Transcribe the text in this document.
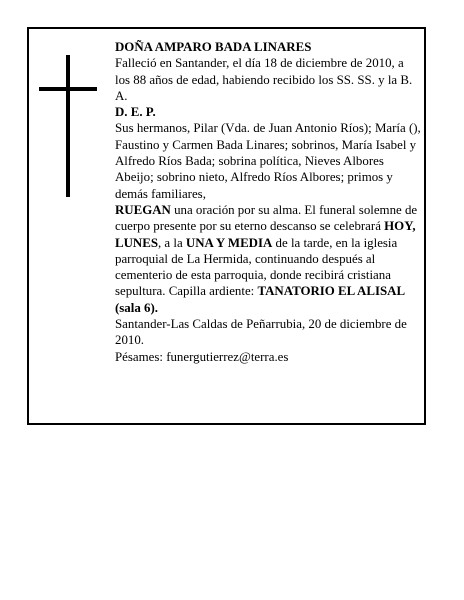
DOÑA AMPARO BADA LINARES

Falleció en Santander, el día 18 de diciembre de 2010, a los 88 años de edad, habiendo recibido los SS. SS. y la B. A.

D. E. P.

Sus hermanos, Pilar (Vda. de Juan Antonio Ríos); María (), Faustino y Carmen Bada Linares; sobrinos, María Isabel y Alfredo Ríos Bada; sobrina política, Nieves Albores Abeijo; sobrino nieto, Alfredo Ríos Albores; primos y demás familiares,

RUEGAN una oración por su alma. El funeral solemne de cuerpo presente por su eterno descanso se celebrará HOY, LUNES, a la UNA Y MEDIA de la tarde, en la iglesia parroquial de La Hermida, continuando después al cementerio de esta parroquia, donde recibirá cristiana sepultura. Capilla ardiente: TANATORIO EL ALISAL (sala 6).

Santander-Las Caldas de Peñarrubia, 20 de diciembre de 2010.

Pésames: funergutierrez@terra.es
